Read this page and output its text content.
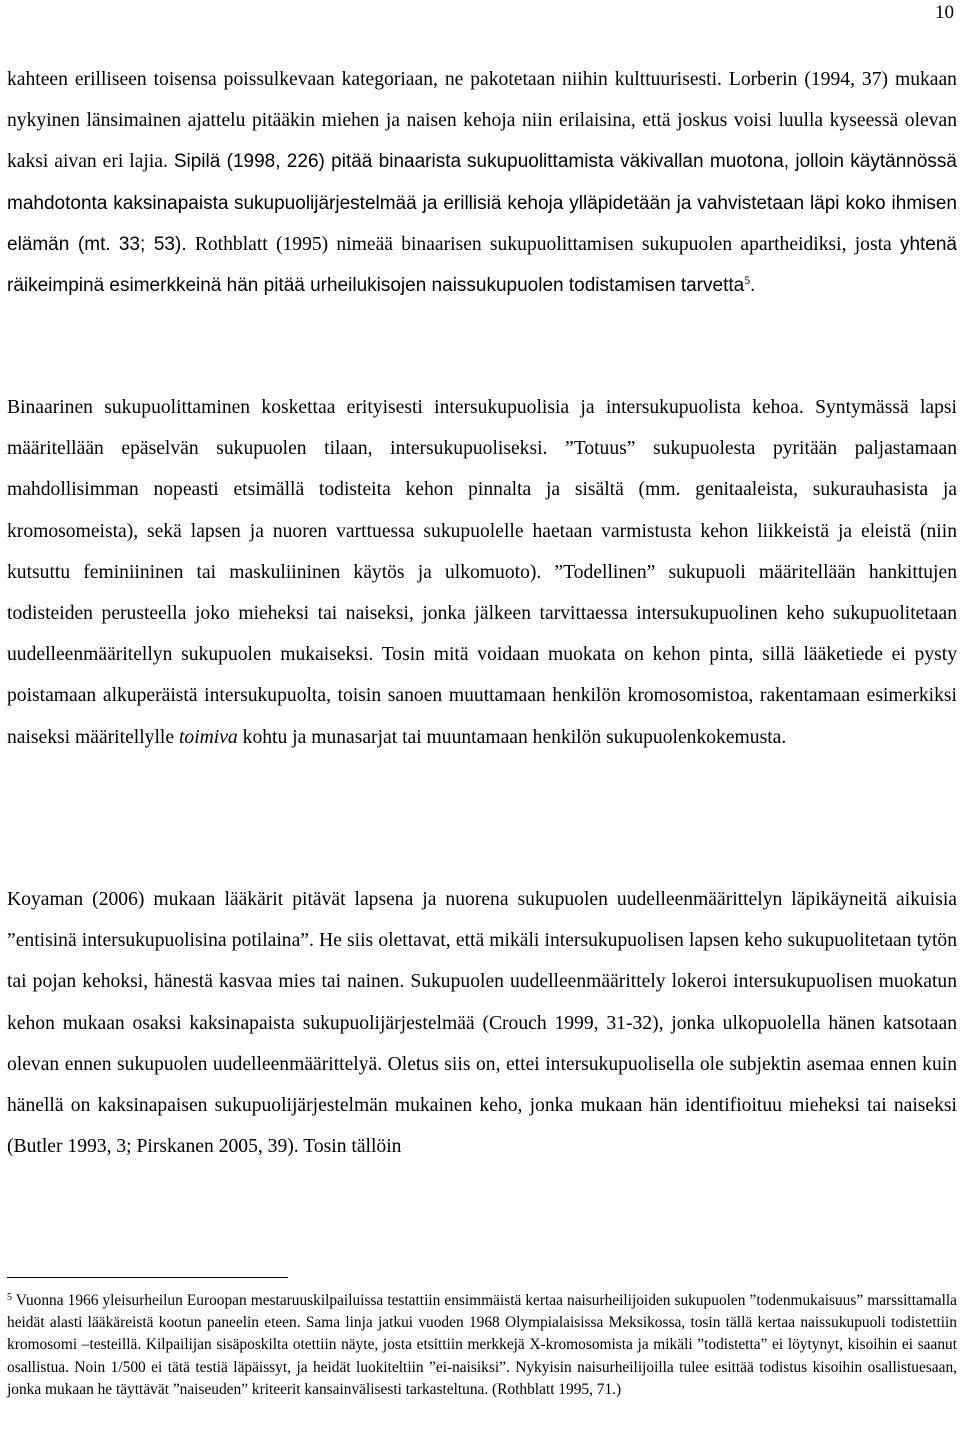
10

kahteen erilliseen toisensa poissulkevaan kategoriaan, ne pakotetaan niihin kulttuurisesti. Lorberin (1994, 37) mukaan nykyinen länsimainen ajattelu pitääkin miehen ja naisen kehoja niin erilaisina, että joskus voisi luulla kyseessä olevan kaksi aivan eri lajia. Sipilä (1998, 226) pitää binaarista sukupuolittamista väkivallan muotona, jolloin käytännössä mahdotonta kaksinapaista sukupuolijärjestelmää ja erillisiä kehoja ylläpidetään ja vahvistetaan läpi koko ihmisen elämän (mt. 33; 53). Rothblatt (1995) nimeää binaarisen sukupuolittamisen sukupuolen apartheidiksi, josta yhtenä räikeimpinä esimerkkeinä hän pitää urheilukisojen naissukupuolen todistamisen tarvetta$^5$.

Binaarinen sukupuolittaminen koskettaa erityisesti intersukupuolisia ja intersukupuolista kehoa. Syntymässä lapsi määritellään epäselvän sukupuolen tilaan, intersukupuoliseksi. ”Totuus” sukupuolesta pyritään paljastamaan mahdollisimman nopeasti etsimällä todisteita kehon pinnalta ja sisältä (mm. genitaaleista, sukurauhasista ja kromosomeista), sekä lapsen ja nuoren varttuessa sukupuolelle haetaan varmistusta kehon liikkeistä ja eleistä (niin kutsuttu feminiininen tai maskuliininen käytös ja ulkomuoto). ”Todellinen” sukupuoli määritellään hankittujen todisteiden perusteella joko mieheksi tai naiseksi, jonka jälkeen tarvittaessa intersukupuolinen keho sukupuolitetaan uudelleenmääritellyn sukupuolen mukaiseksi. Tosin mitä voidaan muokata on kehon pinta, sillä lääketiede ei pysty poistamaan alkuperäistä intersukupuolta, toisin sanoen muuttamaan henkilön kromosomistoa, rakentamaan esimerkiksi naiseksi määritellylle toimiva kohtu ja munasarjat tai muuntamaan henkilön sukupuolenkokemusta.

Koyaman (2006) mukaan lääkärit pitävät lapsena ja nuorena sukupuolen uudelleenmäärittelyn läpikäyneitä aikuisia ”entisinä intersukupuolisina potilaina”. He siis olettavat, että mikäli intersukupuolisen lapsen keho sukupuolitetaan tytön tai pojan kehoksi, hänestä kasvaa mies tai nainen. Sukupuolen uudelleenmäärittely lokeroi intersukupuolisen muokatun kehon mukaan osaksi kaksinapaista sukupuolijärjestelmää (Crouch 1999, 31-32), jonka ulkopuolella hänen katsotaan olevan ennen sukupuolen uudelleenmäärittelyä. Oletus siis on, ettei intersukupuolisella ole subjektin asemaa ennen kuin hänellä on kaksinapaisen sukupuolijärjestelmän mukainen keho, jonka mukaan hän identifioituu mieheksi tai naiseksi (Butler 1993, 3; Pirskanen 2005, 39). Tosin tällöin

$^5$ Vuonna 1966 yleisurheilun Euroopan mestaruuskilpailuissa testattiin ensimmäistä kertaa naisurheilijoiden sukupuolen ”todenmukaisuus” marssittamalla heidät alasti lääkäreistä kootun paneelin eteen. Sama linja jatkui vuoden 1968 Olympialaisissa Meksikossa, tosin tällä kertaa naissukupuoli todistettiin kromosomi –testeillä. Kilpailijan sisäposkilta otettiin näyte, josta etsittiin merkkejä X-kromosomista ja mikäli ”todistetta” ei löytynyt, kisoihin ei saanut osallistua. Noin 1/500 ei tätä testiä läpäissyt, ja heidät luokiteltiin ”ei-naisiksi”. Nykyisin naisurheilijoilla tulee esittää todistus kisoihin osallistuesaan, jonka mukaan he täyttävät ”naiseuden” kriteerit kansainvälisesti tarkasteltuna. (Rothblatt 1995, 71.)
